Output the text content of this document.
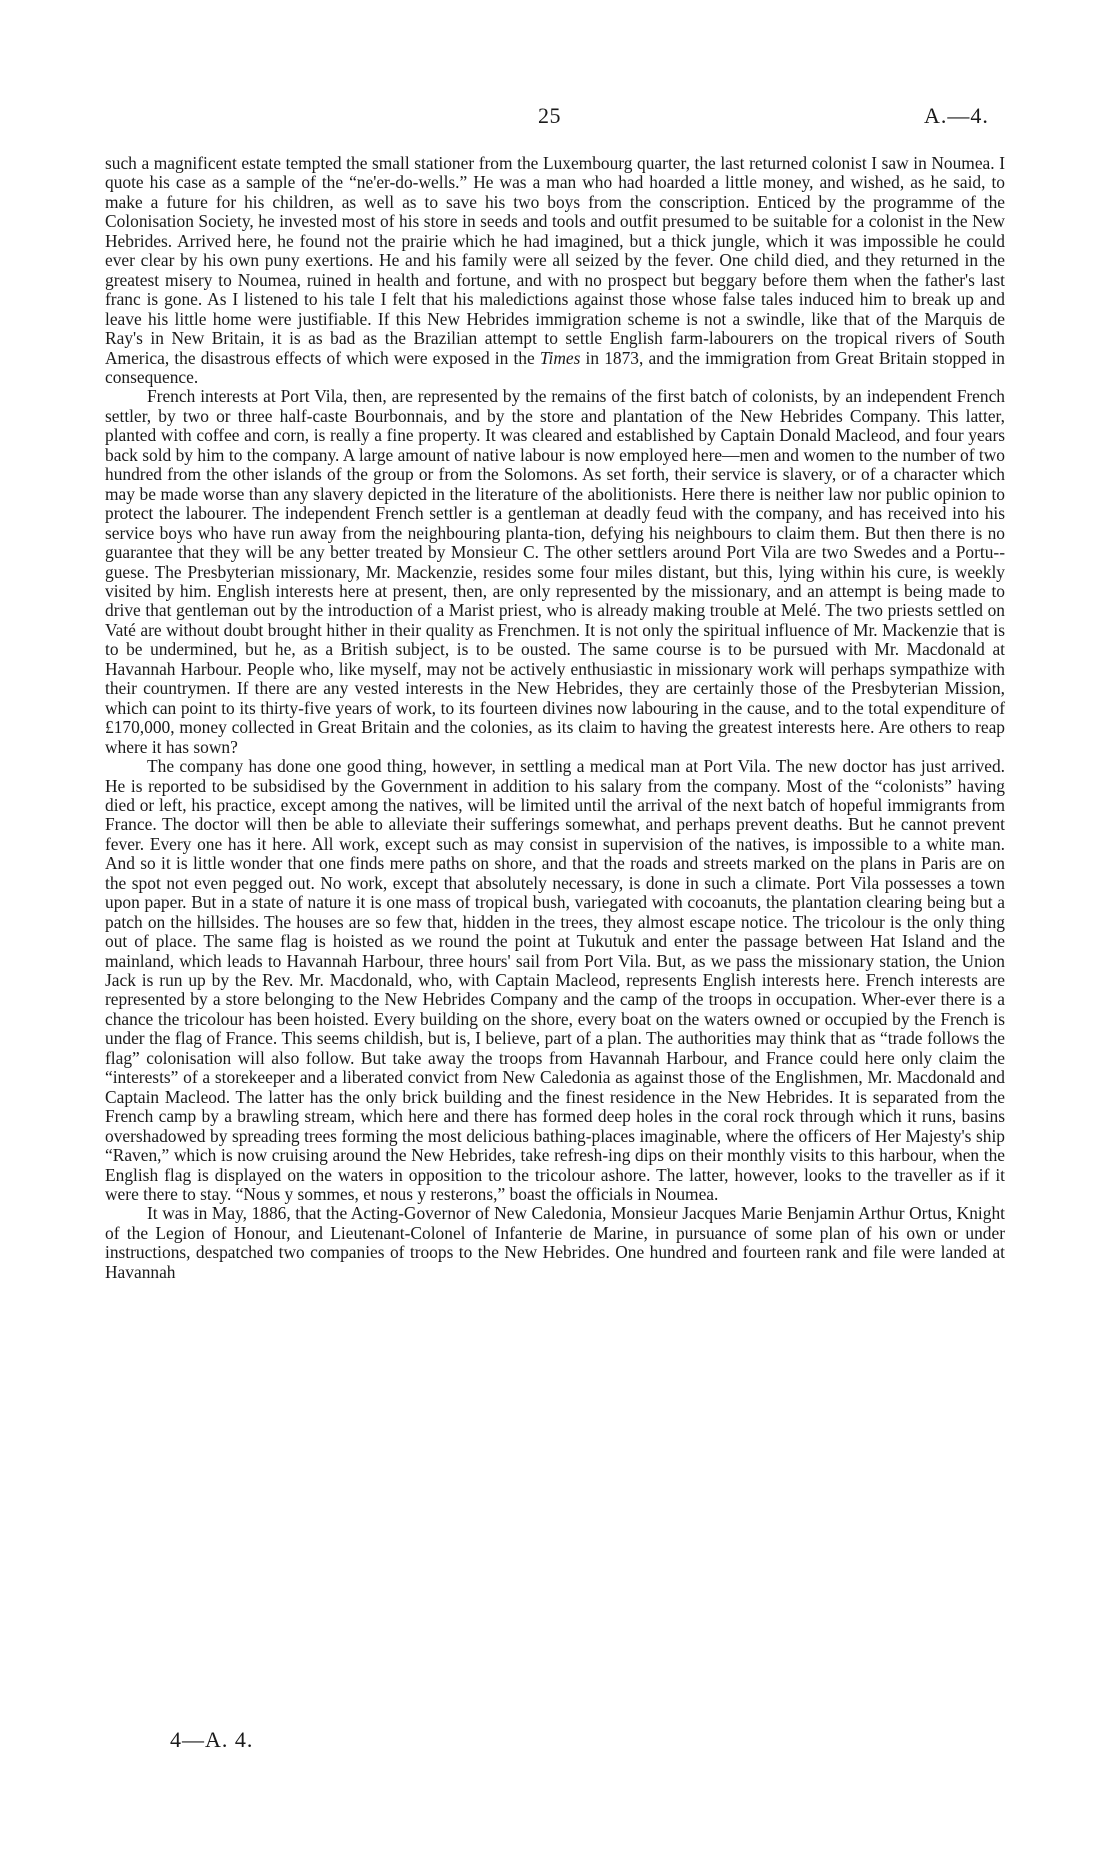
25	A.—4.

such a magnificent estate tempted the small stationer from the Luxembourg quarter, the last returned colonist I saw in Noumea. I quote his case as a sample of the “ne'er-do-wells.” He was a man who had hoarded a little money, and wished, as he said, to make a future for his children, as well as to save his two boys from the conscription. Enticed by the programme of the Colonisation Society, he invested most of his store in seeds and tools and outfit presumed to be suitable for a colonist in the New Hebrides. Arrived here, he found not the prairie which he had imagined, but a thick jungle, which it was impossible he could ever clear by his own puny exertions. He and his family were all seized by the fever. One child died, and they returned in the greatest misery to Noumea, ruined in health and fortune, and with no prospect but beggary before them when the father's last franc is gone. As I listened to his tale I felt that his maledictions against those whose false tales induced him to break up and leave his little home were justifiable. If this New Hebrides immigration scheme is not a swindle, like that of the Marquis de Ray's in New Britain, it is as bad as the Brazilian attempt to settle English farm-labourers on the tropical rivers of South America, the disastrous effects of which were exposed in the Times in 1873, and the immigration from Great Britain stopped in consequence.

French interests at Port Vila, then, are represented by the remains of the first batch of colonists, by an independent French settler, by two or three half-caste Bourbonnais, and by the store and plantation of the New Hebrides Company. This latter, planted with coffee and corn, is really a fine property. It was cleared and established by Captain Donald Macleod, and four years back sold by him to the company. A large amount of native labour is now employed here—men and women to the number of two hundred from the other islands of the group or from the Solomons. As set forth, their service is slavery, or of a character which may be made worse than any slavery depicted in the literature of the abolitionists. Here there is neither law nor public opinion to protect the labourer. The independent French settler is a gentleman at deadly feud with the company, and has received into his service boys who have run away from the neighbouring planta-tion, defying his neighbours to claim them. But then there is no guarantee that they will be any better treated by Monsieur C. The other settlers around Port Vila are two Swedes and a Portu-guese. The Presbyterian missionary, Mr. Mackenzie, resides some four miles distant, but this, lying within his cure, is weekly visited by him. English interests here at present, then, are only represented by the missionary, and an attempt is being made to drive that gentleman out by the introduction of a Marist priest, who is already making trouble at Melé. The two priests settled on Vaté are without doubt brought hither in their quality as Frenchmen. It is not only the spiritual influence of Mr. Mackenzie that is to be undermined, but he, as a British subject, is to be ousted. The same course is to be pursued with Mr. Macdonald at Havannah Harbour. People who, like myself, may not be actively enthusiastic in missionary work will perhaps sympathize with their countrymen. If there are any vested interests in the New Hebrides, they are certainly those of the Presbyterian Mission, which can point to its thirty-five years of work, to its fourteen divines now labouring in the cause, and to the total expenditure of £170,000, money collected in Great Britain and the colonies, as its claim to having the greatest interests here. Are others to reap where it has sown?

The company has done one good thing, however, in settling a medical man at Port Vila. The new doctor has just arrived. He is reported to be subsidised by the Government in addition to his salary from the company. Most of the “colonists” having died or left, his practice, except among the natives, will be limited until the arrival of the next batch of hopeful immigrants from France. The doctor will then be able to alleviate their sufferings somewhat, and perhaps prevent deaths. But he cannot prevent fever. Every one has it here. All work, except such as may consist in supervision of the natives, is impossible to a white man. And so it is little wonder that one finds mere paths on shore, and that the roads and streets marked on the plans in Paris are on the spot not even pegged out. No work, except that absolutely necessary, is done in such a climate. Port Vila possesses a town upon paper. But in a state of nature it is one mass of tropical bush, variegated with cocoanuts, the plantation clearing being but a patch on the hillsides. The houses are so few that, hidden in the trees, they almost escape notice. The tricolour is the only thing out of place. The same flag is hoisted as we round the point at Tukutuk and enter the passage between Hat Island and the mainland, which leads to Havannah Harbour, three hours' sail from Port Vila. But, as we pass the missionary station, the Union Jack is run up by the Rev. Mr. Macdonald, who, with Captain Macleod, represents English interests here. French interests are represented by a store belonging to the New Hebrides Company and the camp of the troops in occupation. Wher-ever there is a chance the tricolour has been hoisted. Every building on the shore, every boat on the waters owned or occupied by the French is under the flag of France. This seems childish, but is, I believe, part of a plan. The authorities may think that as “trade follows the flag” colonisation will also follow. But take away the troops from Havannah Harbour, and France could here only claim the “interests” of a storekeeper and a liberated convict from New Caledonia as against those of the Englishmen, Mr. Macdonald and Captain Macleod. The latter has the only brick building and the finest residence in the New Hebrides. It is separated from the French camp by a brawling stream, which here and there has formed deep holes in the coral rock through which it runs, basins overshadowed by spreading trees forming the most delicious bathing-places imaginable, where the officers of Her Majesty's ship “Raven,” which is now cruising around the New Hebrides, take refresh-ing dips on their monthly visits to this harbour, when the English flag is displayed on the waters in opposition to the tricolour ashore. The latter, however, looks to the traveller as if it were there to stay. “Nous y sommes, et nous y resterons,” boast the officials in Noumea.

It was in May, 1886, that the Acting-Governor of New Caledonia, Monsieur Jacques Marie Benjamin Arthur Ortus, Knight of the Legion of Honour, and Lieutenant-Colonel of Infanterie de Marine, in pursuance of some plan of his own or under instructions, despatched two companies of troops to the New Hebrides. One hundred and fourteen rank and file were landed at Havannah

4—A. 4.
